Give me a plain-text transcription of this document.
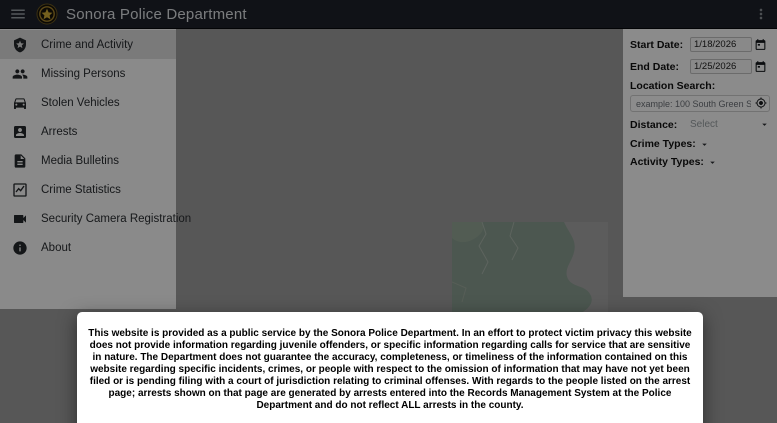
Sonora Police Department
Crime and Activity
Missing Persons
Stolen Vehicles
Arrests
Media Bulletins
Crime Statistics
Security Camera Registration
About
Start Date:
1/18/2026
End Date:
1/25/2026
Location Search:
example: 100 South Green St., S
Distance:	Select
Crime Types:
Activity Types:

This website is provided as a public service by the Sonora Police Department. In an effort to protect victim privacy this website does not provide information regarding juvenile offenders, or specific information regarding calls for service that are sensitive in nature. The Department does not guarantee the accuracy, completeness, or timeliness of the information contained on this website regarding specific incidents, crimes, or people with respect to the omission of information that may have not yet been filed or is pending filing with a court of jurisdiction relating to criminal offenses. With regards to the people listed on the arrest page; arrests shown on that page are generated by arrests entered into the Records Management System at the Police Department and do not reflect ALL arrests in the county.
